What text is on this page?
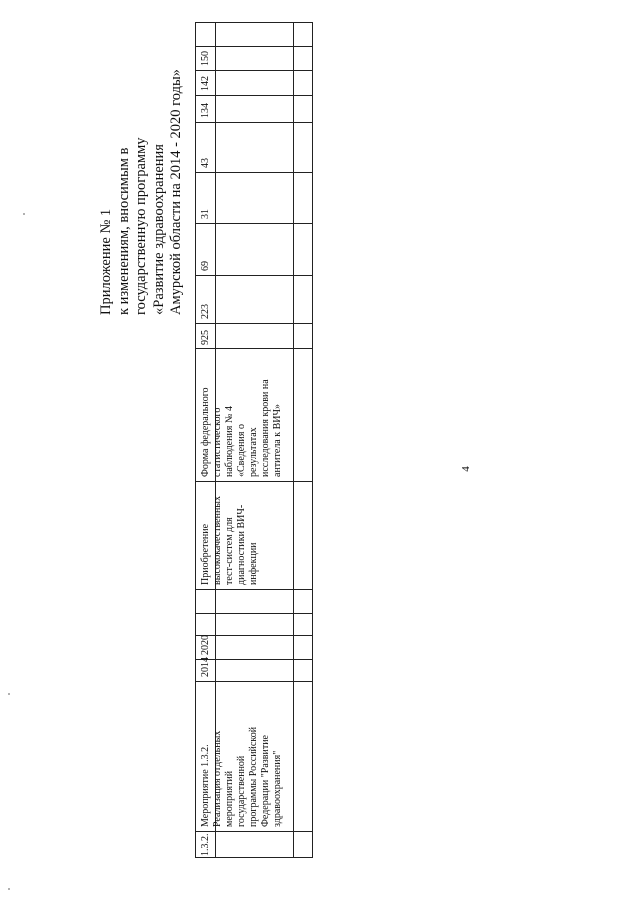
4
Приложение № 1 к изменениям, вносимым в государственную программу «Развитие здравоохранения Амурской области на 2014 - 2020 годы»
1.3.2.
Мероприятие 1.3.2.
Реализация отдельных
мероприятий
государственной
программы Российской
Федерации "Развитие
здравоохранения"
2014
2020
Приобретение
высококачественных
тест-систем для
диагностики ВИЧ-
инфекции
Форма федерального
статистического
наблюдения № 4
«Сведения о
результатах
исследования крови на
антитела к ВИЧ»
925
223
69
31
43
134
142
150
